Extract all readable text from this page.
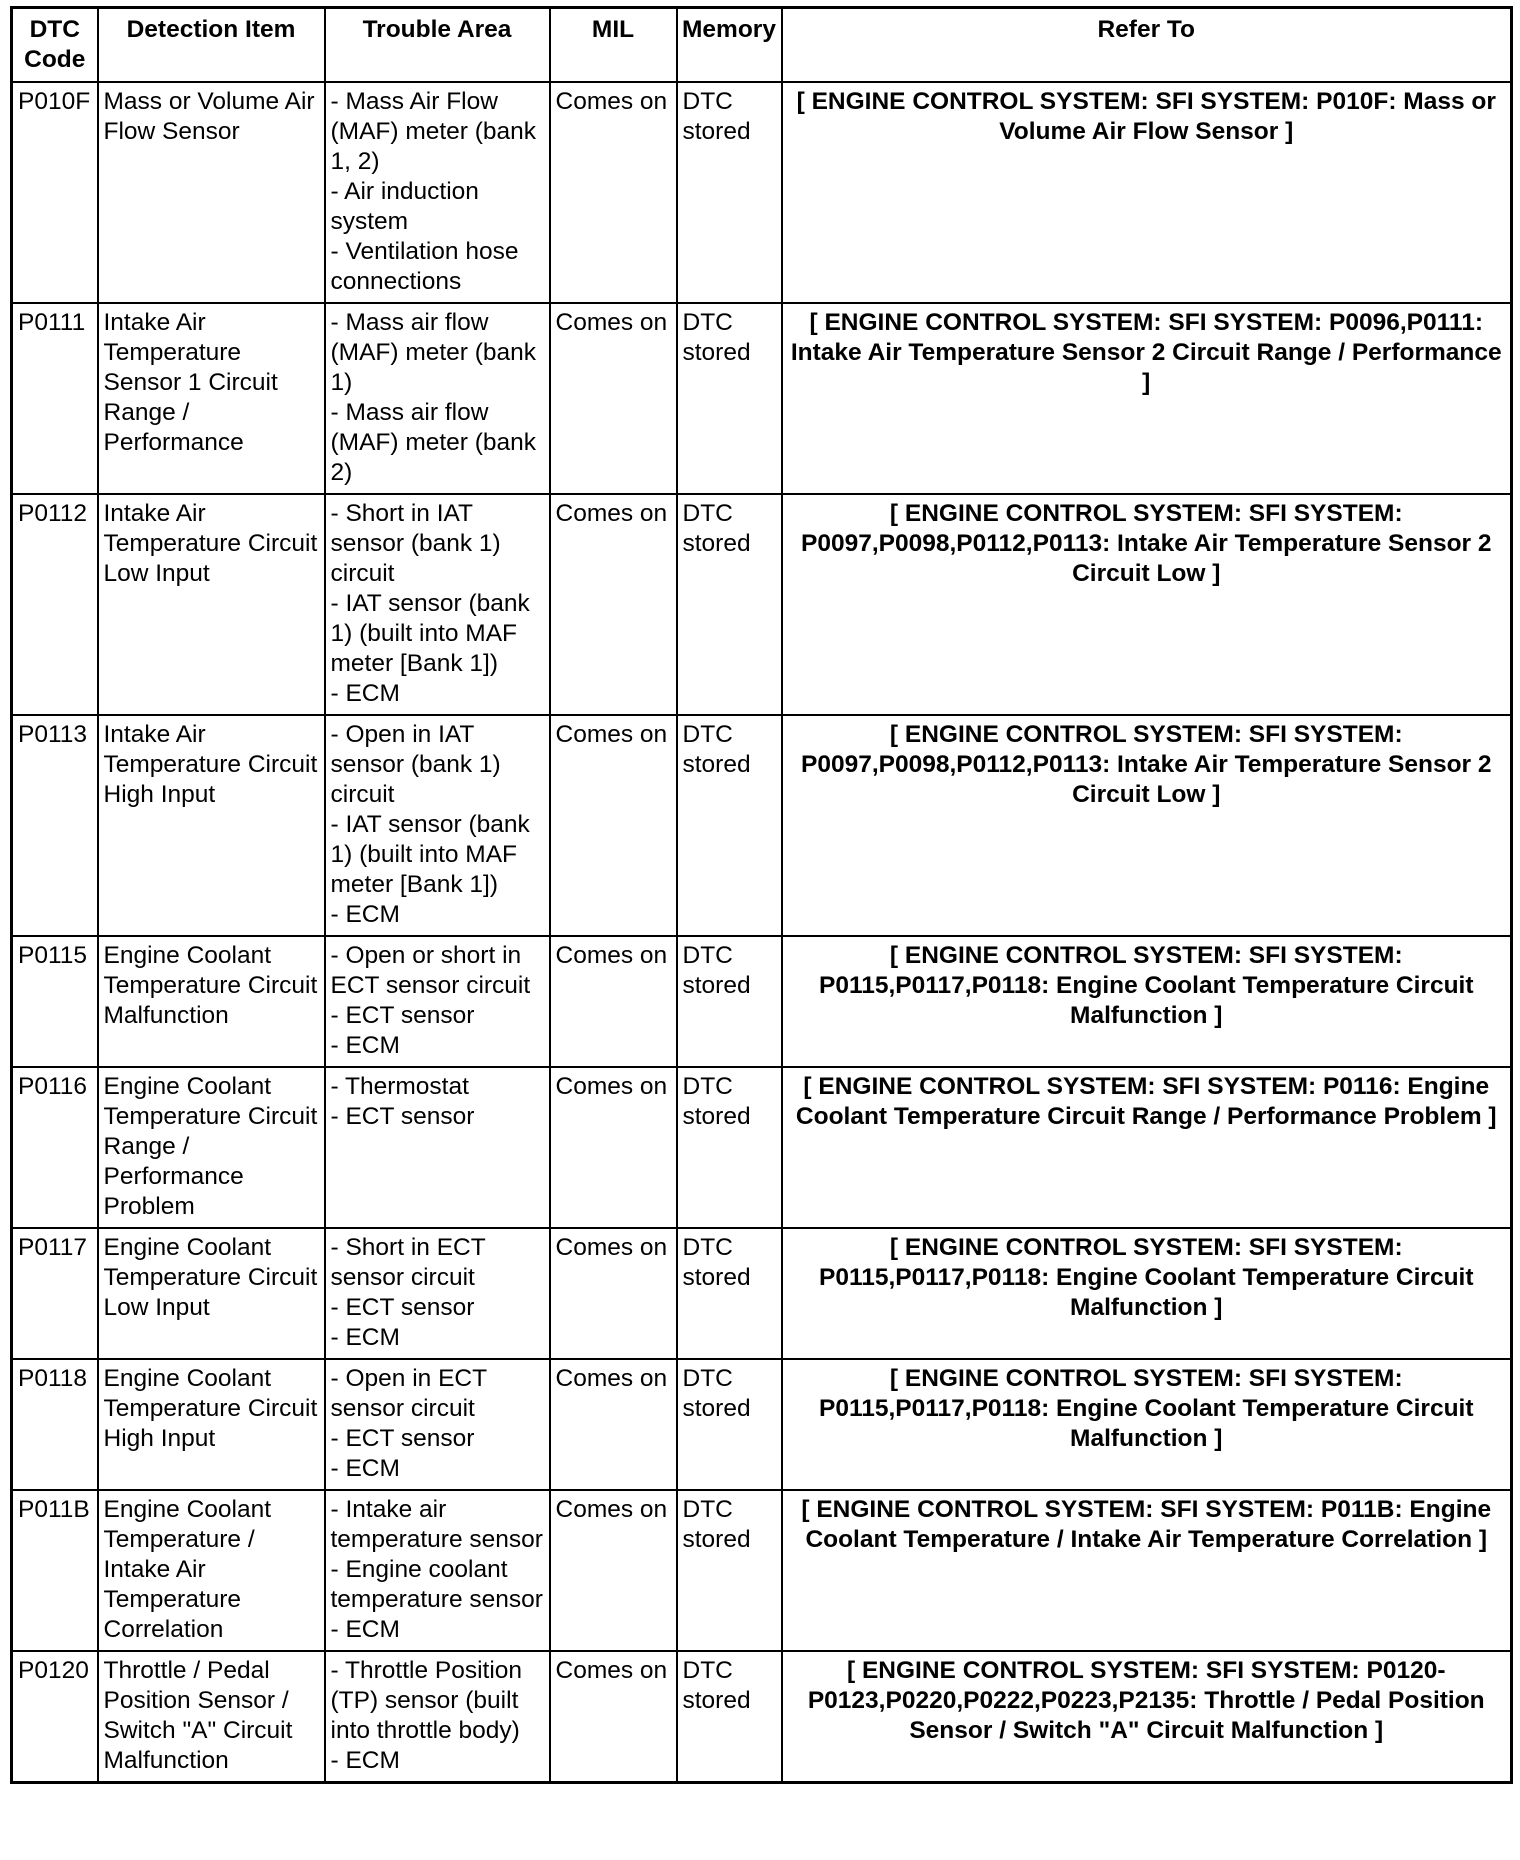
DTC Code	Detection Item	Trouble Area	MIL	Memory	Refer To
P010F	Mass or Volume Air Flow Sensor	- Mass Air Flow (MAF) meter (bank 1, 2)
- Air induction system
- Ventilation hose connections	Comes on	DTC stored	[ ENGINE CONTROL SYSTEM: SFI SYSTEM: P010F: Mass or Volume Air Flow Sensor ]
P0111	Intake Air Temperature Sensor 1 Circuit Range / Performance	- Mass air flow (MAF) meter (bank 1)
- Mass air flow (MAF) meter (bank 2)	Comes on	DTC stored	[ ENGINE CONTROL SYSTEM: SFI SYSTEM: P0096,P0111: Intake Air Temperature Sensor 2 Circuit Range / Performance ]
P0112	Intake Air Temperature Circuit Low Input	- Short in IAT sensor (bank 1) circuit
- IAT sensor (bank 1) (built into MAF meter [Bank 1])
- ECM	Comes on	DTC stored	[ ENGINE CONTROL SYSTEM: SFI SYSTEM: P0097,P0098,P0112,P0113: Intake Air Temperature Sensor 2 Circuit Low ]
P0113	Intake Air Temperature Circuit High Input	- Open in IAT sensor (bank 1) circuit
- IAT sensor (bank 1) (built into MAF meter [Bank 1])
- ECM	Comes on	DTC stored	[ ENGINE CONTROL SYSTEM: SFI SYSTEM: P0097,P0098,P0112,P0113: Intake Air Temperature Sensor 2 Circuit Low ]
P0115	Engine Coolant Temperature Circuit Malfunction	- Open or short in ECT sensor circuit
- ECT sensor
- ECM	Comes on	DTC stored	[ ENGINE CONTROL SYSTEM: SFI SYSTEM: P0115,P0117,P0118: Engine Coolant Temperature Circuit Malfunction ]
P0116	Engine Coolant Temperature Circuit Range / Performance Problem	- Thermostat
- ECT sensor	Comes on	DTC stored	[ ENGINE CONTROL SYSTEM: SFI SYSTEM: P0116: Engine Coolant Temperature Circuit Range / Performance Problem ]
P0117	Engine Coolant Temperature Circuit Low Input	- Short in ECT sensor circuit
- ECT sensor
- ECM	Comes on	DTC stored	[ ENGINE CONTROL SYSTEM: SFI SYSTEM: P0115,P0117,P0118: Engine Coolant Temperature Circuit Malfunction ]
P0118	Engine Coolant Temperature Circuit High Input	- Open in ECT sensor circuit
- ECT sensor
- ECM	Comes on	DTC stored	[ ENGINE CONTROL SYSTEM: SFI SYSTEM: P0115,P0117,P0118: Engine Coolant Temperature Circuit Malfunction ]
P011B	Engine Coolant Temperature / Intake Air Temperature Correlation	- Intake air temperature sensor
- Engine coolant temperature sensor
- ECM	Comes on	DTC stored	[ ENGINE CONTROL SYSTEM: SFI SYSTEM: P011B: Engine Coolant Temperature / Intake Air Temperature Correlation ]
P0120	Throttle / Pedal Position Sensor / Switch "A" Circuit Malfunction	- Throttle Position (TP) sensor (built into throttle body)
- ECM	Comes on	DTC stored	[ ENGINE CONTROL SYSTEM: SFI SYSTEM: P0120-P0123,P0220,P0222,P0223,P2135: Throttle / Pedal Position Sensor / Switch "A" Circuit Malfunction ]
